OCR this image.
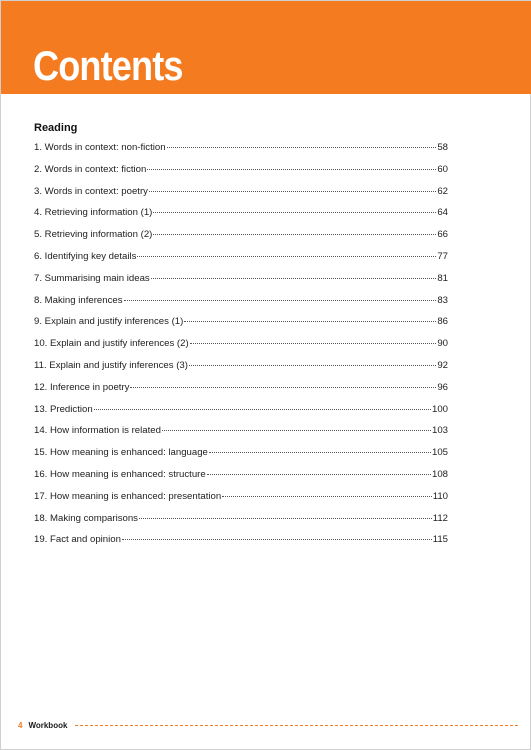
Contents
Reading
1. Words in context: non-fiction	58
2. Words in context: fiction	60
3. Words in context: poetry	62
4. Retrieving information (1)	64
5. Retrieving information (2)	66
6. Identifying key details	77
7. Summarising main ideas	81
8. Making inferences	83
9. Explain and justify inferences (1)	86
10. Explain and justify inferences (2)	90
11. Explain and justify inferences (3)	92
12. Inference in poetry	96
13. Prediction	100
14. How information is related	103
15. How meaning is enhanced: language	105
16. How meaning is enhanced: structure	108
17. How meaning is enhanced: presentation	110
18. Making comparisons	112
19. Fact and opinion	115
4 Workbook
